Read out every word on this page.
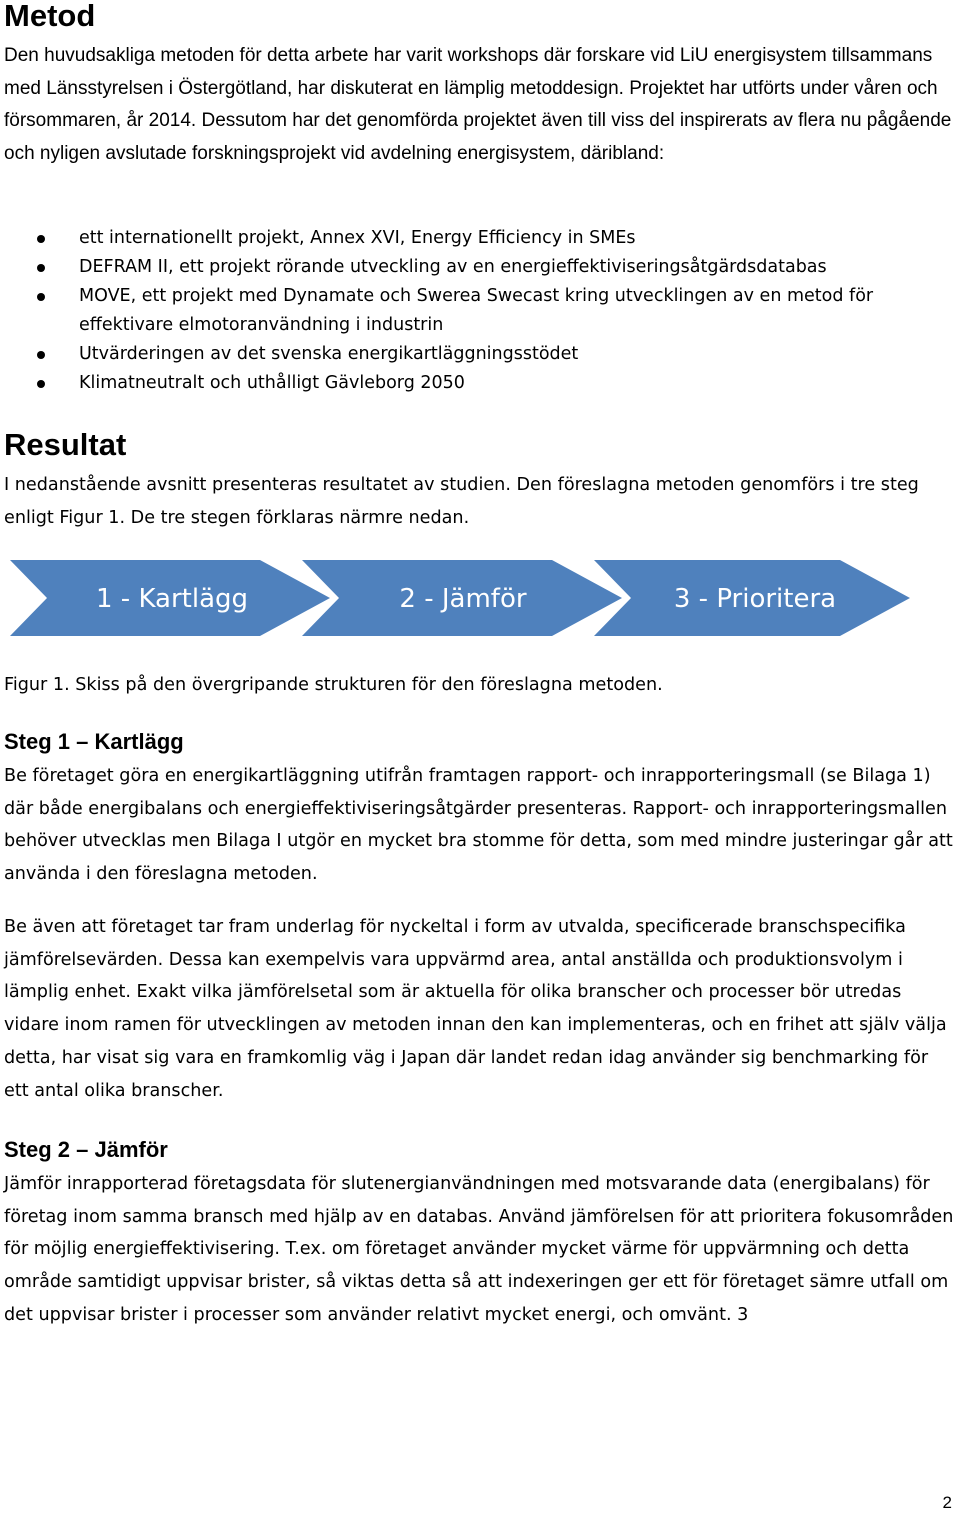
Metod

Den huvudsakliga metoden för detta arbete har varit workshops där forskare vid LiU energisystem tillsammans med Länsstyrelsen i Östergötland, har diskuterat en lämplig metoddesign. Projektet har utförts under våren och försommaren, år 2014. Dessutom har det genomförda projektet även till viss del inspirerats av flera nu pågående och nyligen avslutade forskningsprojekt vid avdelning energisystem, däribland:

ett internationellt projekt, Annex XVI, Energy Efficiency in SMEs
DEFRAM II, ett projekt rörande utveckling av en energieffektiviseringsåtgärdsdatabas
MOVE, ett projekt med Dynamate och Swerea Swecast kring utvecklingen av en metod för effektivare elmotoranvändning i industrin
Utvärderingen av det svenska energikartläggningsstödet
Klimatneutralt och uthålligt Gävleborg 2050
Resultat

I nedanstående avsnitt presenteras resultatet av studien. Den föreslagna metoden genomförs i tre steg enligt Figur 1. De tre stegen förklaras närmre nedan.

1 - Kartlägg	2 - Jämför	3 - Prioritera

Figur 1. Skiss på den övergripande strukturen för den föreslagna metoden.

Steg 1 – Kartlägg

Be företaget göra en energikartläggning utifrån framtagen rapport- och inrapporteringsmall (se Bilaga 1) där både energibalans och energieffektiviseringsåtgärder presenteras. Rapport- och inrapporteringsmallen behöver utvecklas men Bilaga I utgör en mycket bra stomme för detta, som med mindre justeringar går att använda i den föreslagna metoden.

Be även att företaget tar fram underlag för nyckeltal i form av utvalda, specificerade branschspecifika jämförelsevärden. Dessa kan exempelvis vara uppvärmd area, antal anställda och produktionsvolym i lämplig enhet. Exakt vilka jämförelsetal som är aktuella för olika branscher och processer bör utredas vidare inom ramen för utvecklingen av metoden innan den kan implementeras, och en frihet att själv välja detta, har visat sig vara en framkomlig väg i Japan där landet redan idag använder sig benchmarking för ett antal olika branscher.

Steg 2 – Jämför

Jämför inrapporterad företagsdata för slutenergianvändningen med motsvarande data (energibalans) för företag inom samma bransch med hjälp av en databas. Använd jämförelsen för att prioritera fokusområden för möjlig energieffektivisering. T.ex. om företaget använder mycket värme för uppvärmning och detta område samtidigt uppvisar brister, så viktas detta så att indexeringen ger ett för företaget sämre utfall om det uppvisar brister i processer som använder relativt mycket energi, och omvänt. 3

2
